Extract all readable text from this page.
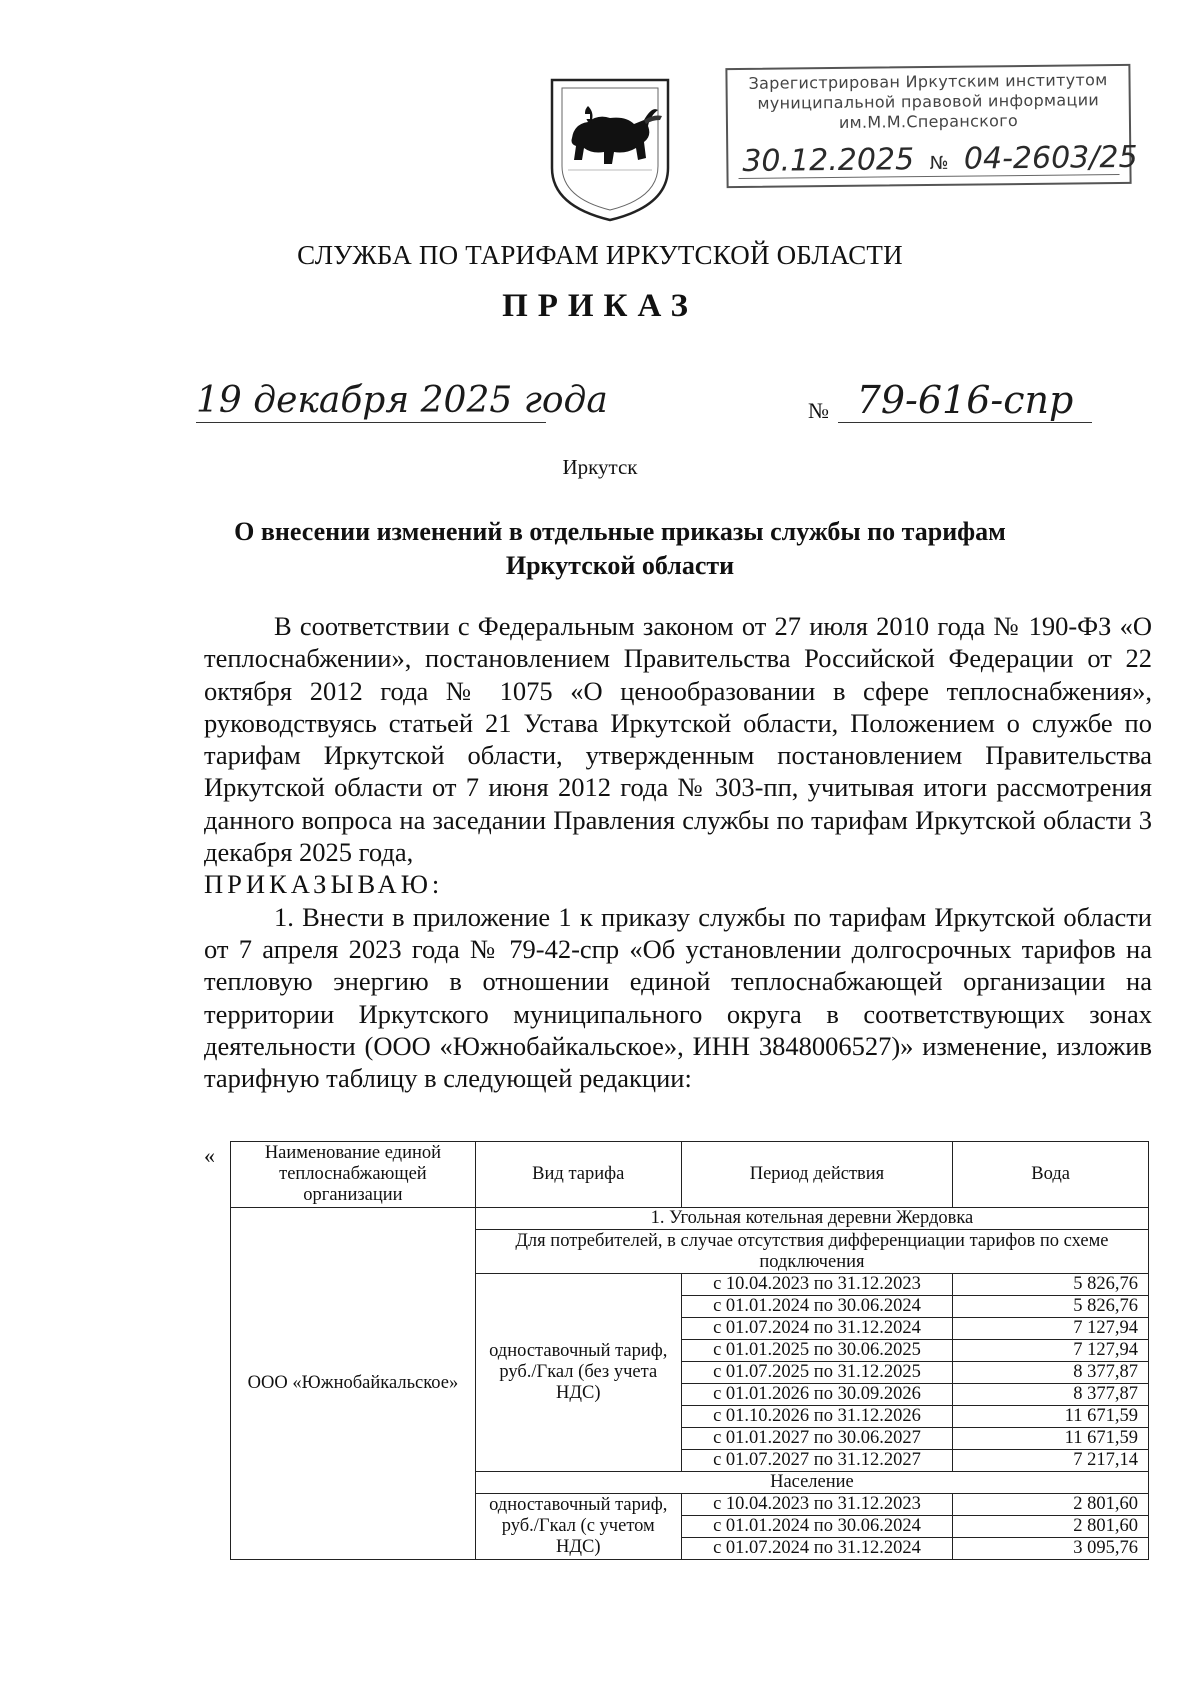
Зарегистрирован Иркутским институтом
муниципальной правовой информации
им.М.М.Сперанского
30.12.2025 № 04-2603/25
СЛУЖБА ПО ТАРИФАМ ИРКУТСКОЙ ОБЛАСТИ
ПРИКАЗ
19 декабря 2025 года	№ 79-616-спр
Иркутск
О внесении изменений в отдельные приказы службы по тарифам
Иркутской области

В соответствии с Федеральным законом от 27 июля 2010 года № 190-ФЗ «О теплоснабжении», постановлением Правительства Российской Федерации от 22 октября 2012 года № 1075 «О ценообразовании в сфере теплоснабжения», руководствуясь статьей 21 Устава Иркутской области, Положением о службе по тарифам Иркутской области, утвержденным постановлением Правительства Иркутской области от 7 июня 2012 года № 303-пп, учитывая итоги рассмотрения данного вопроса на заседании Правления службы по тарифам Иркутской области 3 декабря 2025 года,

ПРИКАЗЫВАЮ:

1. Внести в приложение 1 к приказу службы по тарифам Иркутской области от 7 апреля 2023 года № 79-42-спр «Об установлении долгосрочных тарифов на тепловую энергию в отношении единой теплоснабжающей организации на территории Иркутского муниципального округа в соответствующих зонах деятельности (ООО «Южнобайкальское», ИНН 3848006527)» изменение, изложив тарифную таблицу в следующей редакции:

«	Наименование единой теплоснабжающей организации	Вид тарифа	Период действия	Вода
ООО «Южнобайкальское»	1. Угольная котельная деревни Жердовка		
	Для потребителей, в случае отсутствия дифференциации тарифов по схеме подключения		
	одноставочный тариф, руб./Гкал (без учета НДС)	с 10.04.2023 по 31.12.2023	5 826,76
		с 01.01.2024 по 30.06.2024	5 826,76
		с 01.07.2024 по 31.12.2024	7 127,94
		с 01.01.2025 по 30.06.2025	7 127,94
		с 01.07.2025 по 31.12.2025	8 377,87
		с 01.01.2026 по 30.09.2026	8 377,87
		с 01.10.2026 по 31.12.2026	11 671,59
		с 01.01.2027 по 30.06.2027	11 671,59
		с 01.07.2027 по 31.12.2027	7 217,14
	Население		
	одноставочный тариф, руб./Гкал (с учетом НДС)	с 10.04.2023 по 31.12.2023	2 801,60
		с 01.01.2024 по 30.06.2024	2 801,60
		с 01.07.2024 по 31.12.2024	3 095,76
